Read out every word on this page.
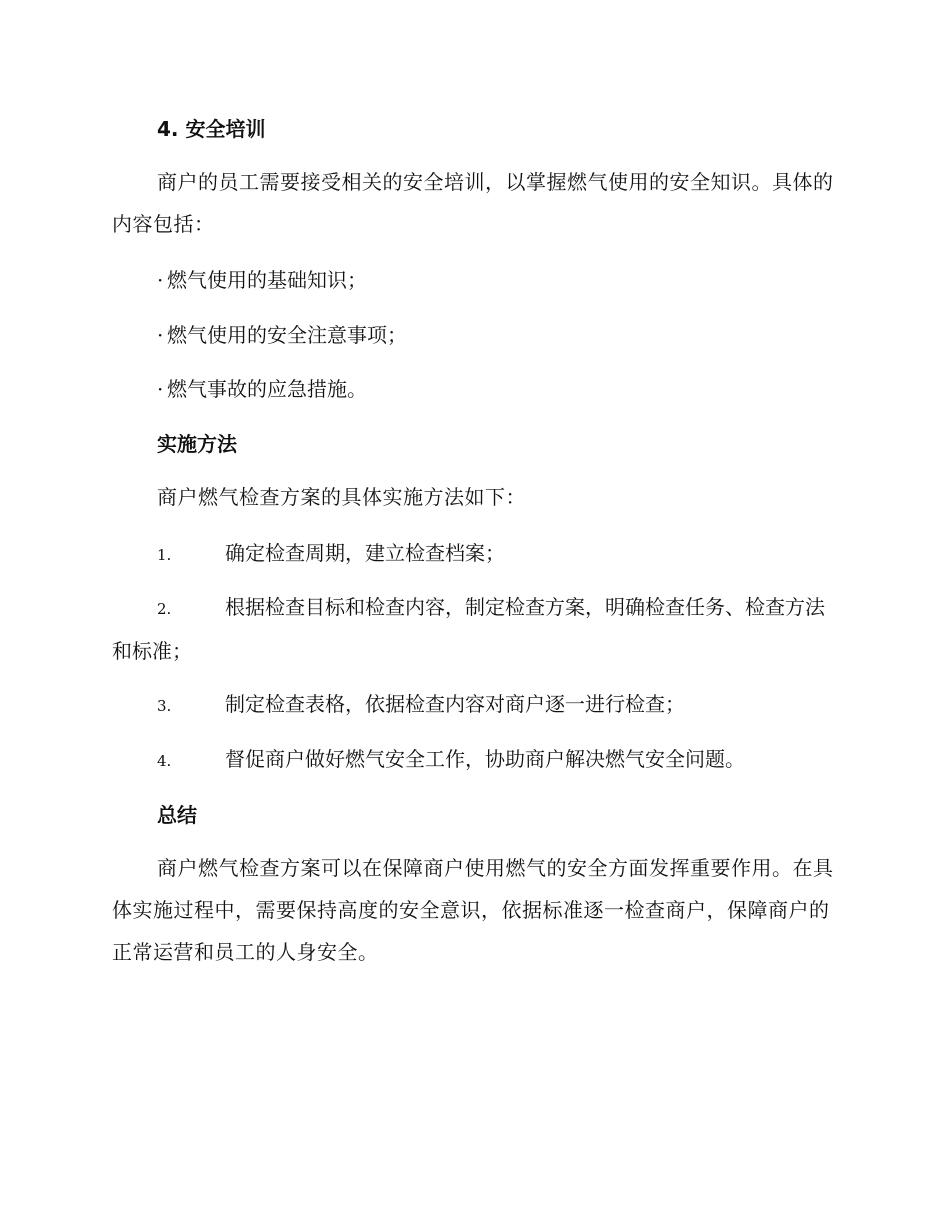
4. 安全培训

商户的员工需要接受相关的安全培训，以掌握燃气使用的安全知识。具体的内容包括：

· 燃气使用的基础知识；
· 燃气使用的安全注意事项；
· 燃气事故的应急措施。
实施方法

商户燃气检查方案的具体实施方法如下：

1.	确定检查周期，建立检查档案；

2.	根据检查目标和检查内容，制定检查方案，明确检查任务、检查方法和标准；

3.	制定检查表格，依据检查内容对商户逐一进行检查；

4.	督促商户做好燃气安全工作，协助商户解决燃气安全问题。

总结

商户燃气检查方案可以在保障商户使用燃气的安全方面发挥重要作用。在具体实施过程中，需要保持高度的安全意识，依据标准逐一检查商户，保障商户的正常运营和员工的人身安全。
